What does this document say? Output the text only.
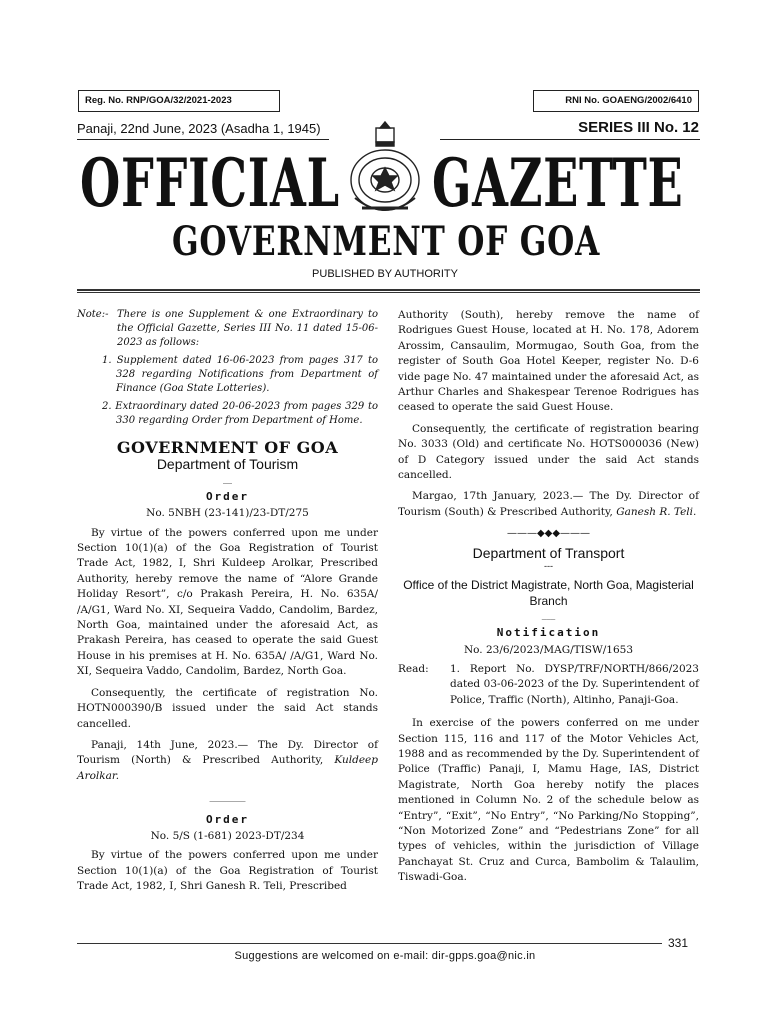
Reg. No. RNP/GOA/32/2021-2023	RNI No. GOAENG/2002/6410
Panaji, 22nd June, 2023 (Asadha 1, 1945)	SERIES III No. 12
OFFICIAL GAZETTE
GOVERNMENT OF GOA
PUBLISHED BY AUTHORITY
Note:- There is one Supplement & one Extraordinary to the Official Gazette, Series III No. 11 dated 15-06-2023 as follows:
1. Supplement dated 16-06-2023 from pages 317 to 328 regarding Notifications from Department of Finance (Goa State Lotteries).
2. Extraordinary dated 20-06-2023 from pages 329 to 330 regarding Order from Department of Home.
GOVERNMENT OF GOA
Department of Tourism
__
Order
No. 5NBH (23-141)/23-DT/275

By virtue of the powers conferred upon me under Section 10(1)(a) of the Goa Registration of Tourist Trade Act, 1982, I, Shri Kuldeep Arolkar, Prescribed Authority, hereby remove the name of “Alore Grande Holiday Resort”, c/o Prakash Pereira, H. No. 635A/ /A/G1, Ward No. XI, Sequeira Vaddo, Candolim, Bardez, North Goa, maintained under the aforesaid Act, as Prakash Pereira, has ceased to operate the said Guest House in his premises at H. No. 635A/ /A/G1, Ward No. XI, Sequeira Vaddo, Candolim, Bardez, North Goa.

Consequently, the certificate of registration No. HOTN000390/B issued under the said Act stands cancelled.

Panaji, 14th June, 2023.— The Dy. Director of Tourism (North) & Prescribed Authority, Kuldeep Arolkar.

________
Order
No. 5/S (1-681) 2023-DT/234

By virtue of the powers conferred upon me under Section 10(1)(a) of the Goa Registration of Tourist Trade Act, 1982, I, Shri Ganesh R. Teli, Prescribed

Authority (South), hereby remove the name of Rodrigues Guest House, located at H. No. 178, Adorem Arossim, Cansaulim, Mormugao, South Goa, from the register of South Goa Hotel Keeper, register No. D-6 vide page No. 47 maintained under the aforesaid Act, as Arthur Charles and Shakespear Terenoe Rodrigues has ceased to operate the said Guest House.

Consequently, the certificate of registration bearing No. 3033 (Old) and certificate No. HOTS000036 (New) of D Category issued under the said Act stands cancelled.

Margao, 17th January, 2023.— The Dy. Director of Tourism (South) & Prescribed Authority, Ganesh R. Teli.

———◆◆◆———
Department of Transport
---
Office of the District Magistrate, North Goa, Magisterial Branch
___
Notification
No. 23/6/2023/MAG/TISW/1653
Read:	1. Report No. DYSP/TRF/NORTH/866/2023 dated 03-06-2023 of the Dy. Superintendent of Police, Traffic (North), Altinho, Panaji-Goa.

In exercise of the powers conferred on me under Section 115, 116 and 117 of the Motor Vehicles Act, 1988 and as recommended by the Dy. Superintendent of Police (Traffic) Panaji, I, Mamu Hage, IAS, District Magistrate, North Goa hereby notify the places mentioned in Column No. 2 of the schedule below as “Entry”, “Exit”, “No Entry”, “No Parking/No Stopping”, “Non Motorized Zone” and “Pedestrians Zone” for all types of vehicles, within the jurisdiction of Village Panchayat St. Cruz and Curca, Bambolim & Talaulim, Tiswadi-Goa.

331
Suggestions are welcomed on e-mail: dir-gpps.goa@nic.in
